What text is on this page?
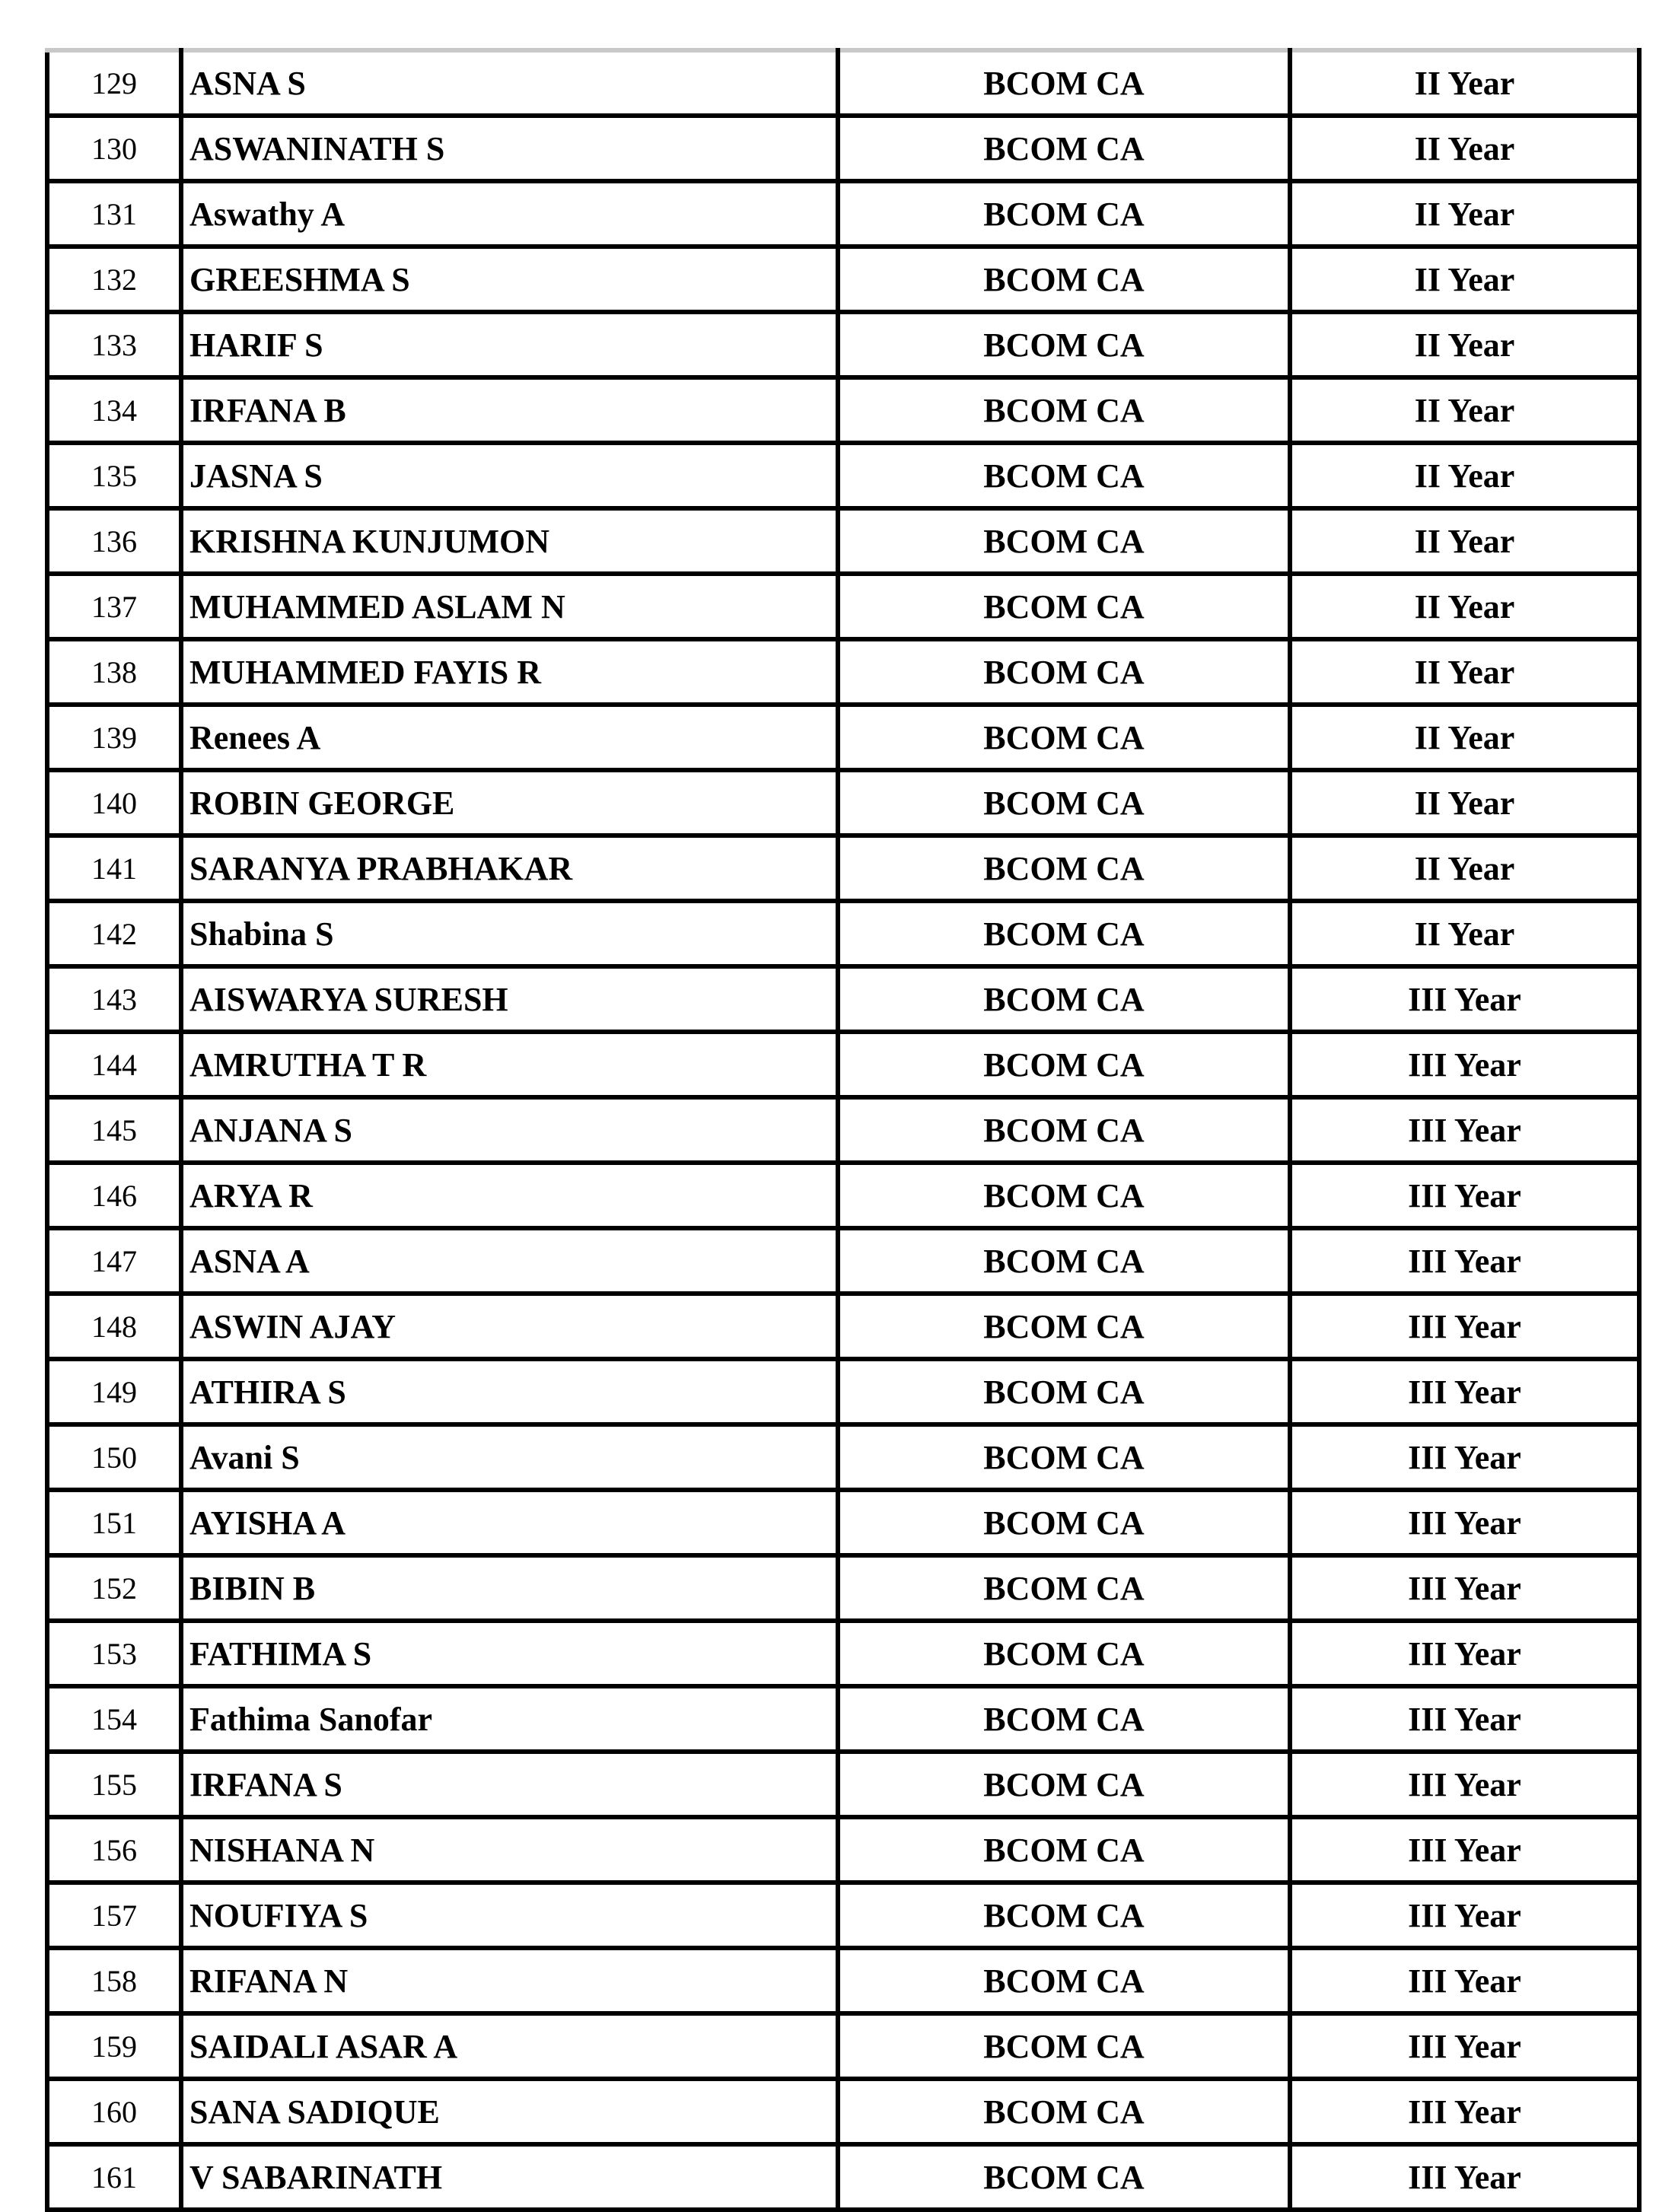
129	ASNA S	BCOM CA	II Year
130	ASWANINATH S	BCOM CA	II Year
131	Aswathy A	BCOM CA	II Year
132	GREESHMA S	BCOM CA	II Year
133	HARIF S	BCOM CA	II Year
134	IRFANA B	BCOM CA	II Year
135	JASNA S	BCOM CA	II Year
136	KRISHNA KUNJUMON	BCOM CA	II Year
137	MUHAMMED ASLAM N	BCOM CA	II Year
138	MUHAMMED FAYIS R	BCOM CA	II Year
139	Renees A	BCOM CA	II Year
140	ROBIN GEORGE	BCOM CA	II Year
141	SARANYA PRABHAKAR	BCOM CA	II Year
142	Shabina S	BCOM CA	II Year
143	AISWARYA SURESH	BCOM CA	III Year
144	AMRUTHA T R	BCOM CA	III Year
145	ANJANA S	BCOM CA	III Year
146	ARYA R	BCOM CA	III Year
147	ASNA A	BCOM CA	III Year
148	ASWIN AJAY	BCOM CA	III Year
149	ATHIRA S	BCOM CA	III Year
150	Avani S	BCOM CA	III Year
151	AYISHA A	BCOM CA	III Year
152	BIBIN B	BCOM CA	III Year
153	FATHIMA S	BCOM CA	III Year
154	Fathima Sanofar	BCOM CA	III Year
155	IRFANA S	BCOM CA	III Year
156	NISHANA N	BCOM CA	III Year
157	NOUFIYA S	BCOM CA	III Year
158	RIFANA N	BCOM CA	III Year
159	SAIDALI ASAR A	BCOM CA	III Year
160	SANA SADIQUE	BCOM CA	III Year
161	V SABARINATH	BCOM CA	III Year
